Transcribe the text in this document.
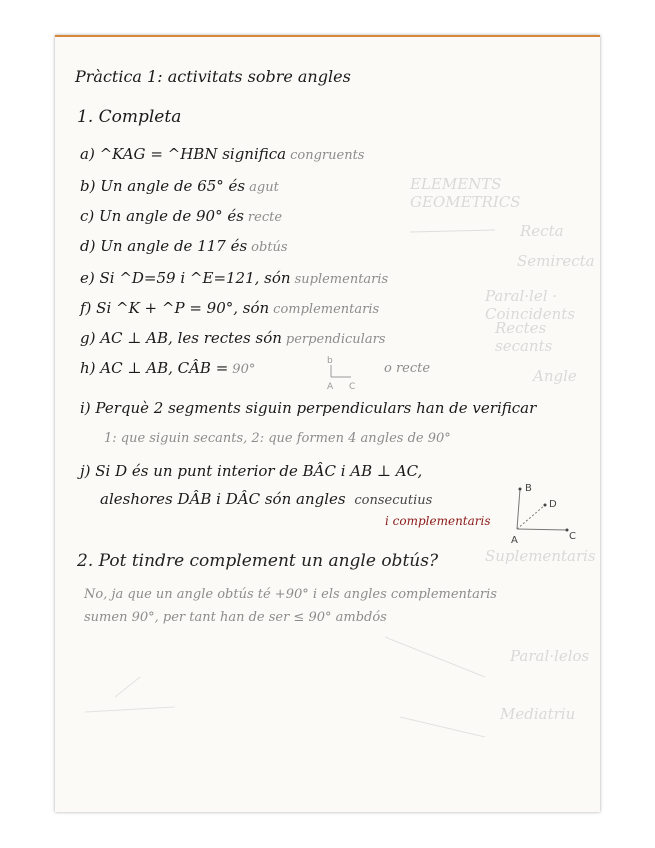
ELEMENTS GEOMETRICS
Recta
Semirecta
Paral·lel · Coincidents
Rectes secants
Angle
Suplementaris
Paral·lelos
Mediatriu
Pràctica 1: activitats sobre angles
1. Completa
a) ^KAG = ^HBN significa congruents
b) Un angle de 65° és agut
c) Un angle de 90° és recte
d) Un angle de 117 és obtús
e) Si ^D=59 i ^E=121, són suplementaris
f) Si ^K + ^P = 90°, són complementaris
g) AC ⊥ AB, les rectes són perpendiculars
h) AC ⊥ AB, CÂB = 90°
b
A C
o recte
i) Perquè 2 segments siguin perpendiculars han de verificar
1: que siguin secants, 2: que formen 4 angles de 90°
j) Si D és un punt interior de BÂC i AB ⊥ AC,
aleshores DÂB i DÂC són angles consecutius
i complementaris
B
D
A	C
2. Pot tindre complement un angle obtús?
No, ja que un angle obtús té +90° i els angles complementaris
sumen 90°, per tant han de ser ≤ 90° ambdós
